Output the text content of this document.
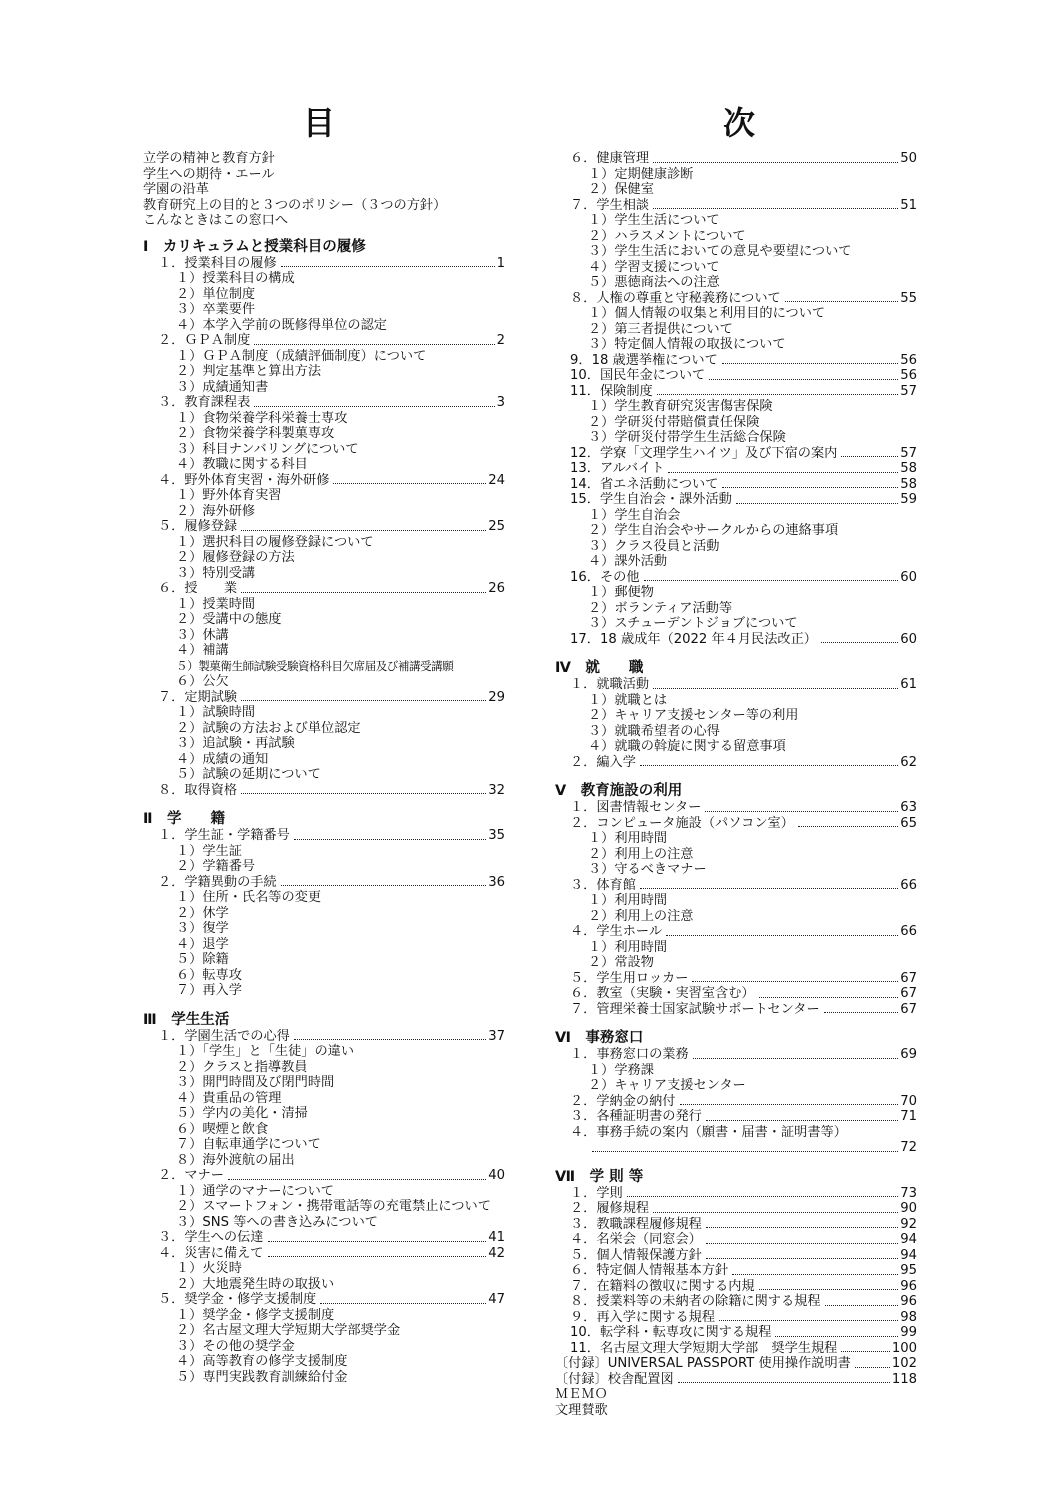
目　次
立学の精神と教育方針
学生への期待・エール
学園の沿革
教育研究上の目的と３つのポリシー（３つの方針）
こんなときはこの窓口へ
Ⅰ　カリキュラムと授業科目の履修
１．授業科目の履修	1
１）授業科目の構成
２）単位制度
３）卒業要件
４）本学入学前の既修得単位の認定
２．ＧＰＡ制度	2
１）ＧＰＡ制度（成績評価制度）について
２）判定基準と算出方法
３）成績通知書
３．教育課程表	3
１）食物栄養学科栄養士専攻
２）食物栄養学科製菓専攻
３）科目ナンバリングについて
４）教職に関する科目
４．野外体育実習・海外研修	24
１）野外体育実習
２）海外研修
５．履修登録	25
１）選択科目の履修登録について
２）履修登録の方法
３）特別受講
６．授　　業	26
１）授業時間
２）受講中の態度
３）休講
４）補講
５）製菓衛生師試験受験資格科目欠席届及び補講受講願
６）公欠
７．定期試験	29
１）試験時間
２）試験の方法および単位認定
３）追試験・再試験
４）成績の通知
５）試験の延期について
８．取得資格	32
Ⅱ　学　　籍
１．学生証・学籍番号	35
１）学生証
２）学籍番号
２．学籍異動の手続	36
１）住所・氏名等の変更
２）休学
３）復学
４）退学
５）除籍
６）転専攻
７）再入学
Ⅲ　学生生活
１．学園生活での心得	37
１）「学生」と「生徒」の違い
２）クラスと指導教員
３）開門時間及び閉門時間
４）貴重品の管理
５）学内の美化・清掃
６）喫煙と飲食
７）自転車通学について
８）海外渡航の届出
２．マナー	40
１）通学のマナーについて
２）スマートフォン・携帯電話等の充電禁止について
３）SNS 等への書き込みについて
３．学生への伝達	41
４．災害に備えて	42
１）火災時
２）大地震発生時の取扱い
５．奨学金・修学支援制度	47
１）奨学金・修学支援制度
２）名古屋文理大学短期大学部奨学金
３）その他の奨学金
４）高等教育の修学支援制度
５）専門実践教育訓練給付金
６．健康管理	50
１）定期健康診断
２）保健室
７．学生相談	51
１）学生生活について
２）ハラスメントについて
３）学生生活においての意見や要望について
４）学習支援について
５）悪徳商法への注意
８．人権の尊重と守秘義務について	55
１）個人情報の収集と利用目的について
２）第三者提供について
３）特定個人情報の取扱について
9．18 歳選挙権について	56
10．国民年金について	56
11．保険制度	57
１）学生教育研究災害傷害保険
２）学研災付帯賠償責任保険
３）学研災付帯学生生活総合保険
12．学寮「文理学生ハイツ」及び下宿の案内	57
13．アルバイト	58
14．省エネ活動について	58
15．学生自治会・課外活動	59
１）学生自治会
２）学生自治会やサークルからの連絡事項
３）クラス役員と活動
４）課外活動
16．その他	60
１）郵便物
２）ボランティア活動等
３）スチューデントジョブについて
17．18 歳成年（2022 年４月民法改正）	60
Ⅳ　就　　職
１．就職活動	61
１）就職とは
２）キャリア支援センター等の利用
３）就職希望者の心得
４）就職の斡旋に関する留意事項
２．編入学	62
Ⅴ　教育施設の利用
１．図書情報センター	63
２．コンピュータ施設（パソコン室）	65
１）利用時間
２）利用上の注意
３）守るべきマナー
３．体育館	66
１）利用時間
２）利用上の注意
４．学生ホール	66
１）利用時間
２）常設物
５．学生用ロッカー	67
６．教室（実験・実習室含む）	67
７．管理栄養士国家試験サポートセンター	67
Ⅵ　事務窓口
１．事務窓口の業務	69
１）学務課
２）キャリア支援センター
２．学納金の納付	70
３．各種証明書の発行	71
４．事務手続の案内（願書・届書・証明書等）
72
Ⅶ　学 則 等
１．学則	73
２．履修規程	90
３．教職課程履修規程	92
４．名栄会（同窓会）	94
５．個人情報保護方針	94
６．特定個人情報基本方針	95
７．在籍料の徴収に関する内規	96
８．授業料等の未納者の除籍に関する規程	96
９．再入学に関する規程	98
10．転学科・転専攻に関する規程	99
11．名古屋文理大学短期大学部　奨学生規程	100
〔付録〕UNIVERSAL PASSPORT 使用操作説明書	102
〔付録〕校舎配置図	118
ＭＥＭＯ
文理賛歌
